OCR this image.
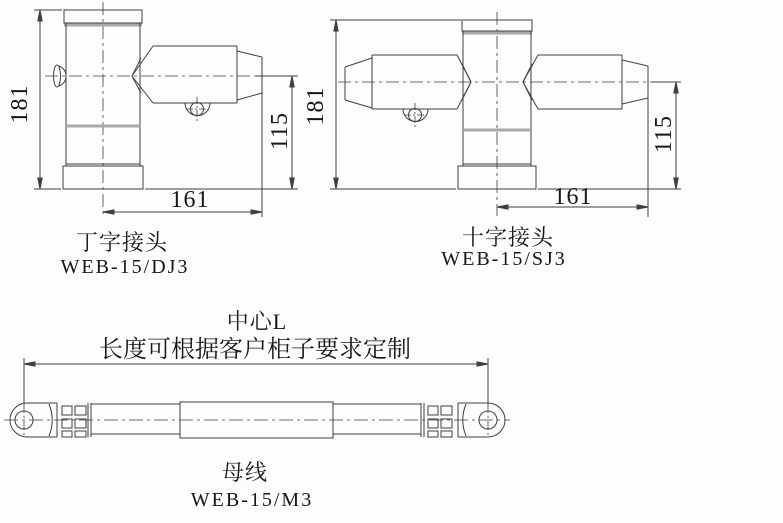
181
115
161
丁字接头
WEB-15/DJ3
181
115
161
十字接头
WEB-15/SJ3
中心L
长度可根据客户柜子要求定制
母线
WEB-15/M3
